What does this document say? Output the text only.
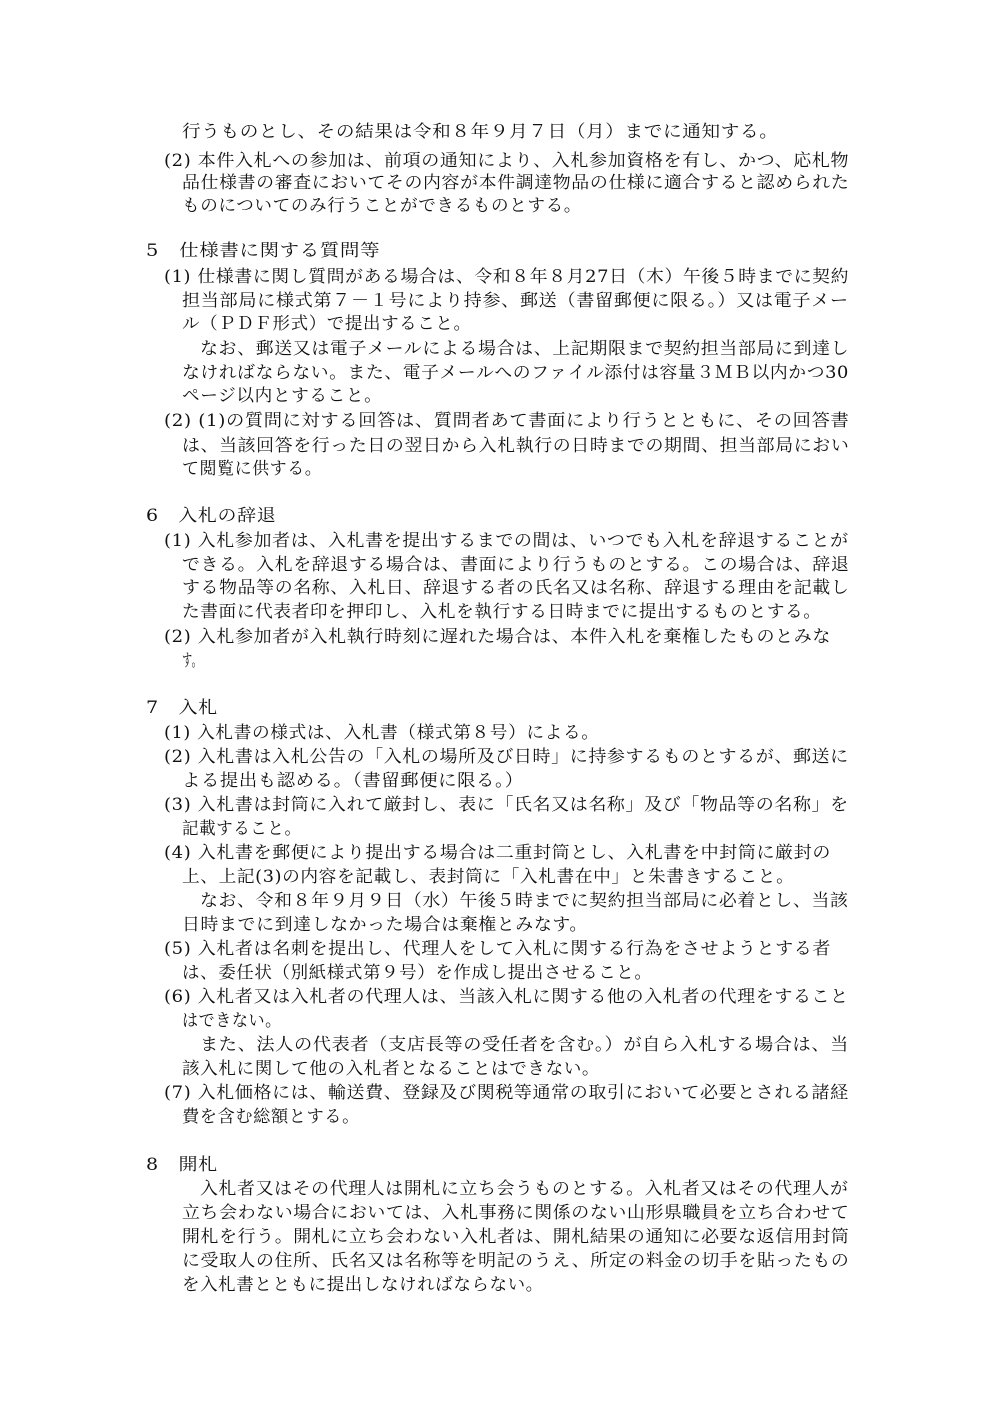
行うものとし、その結果は令和８年９月７日（月）までに通知する。
(2) 本件入札への参加は、前項の通知により、入札参加資格を有し、かつ、応札物
品仕様書の審査においてその内容が本件調達物品の仕様に適合すると認められた
ものについてのみ行うことができるものとする。
5　仕様書に関する質問等
(1) 仕様書に関し質問がある場合は、令和８年８月27日（木）午後５時までに契約
担当部局に様式第７－１号により持参、郵送（書留郵便に限る。）又は電子メー
ル（ＰＤＦ形式）で提出すること。
なお、郵送又は電子メールによる場合は、上記期限まで契約担当部局に到達し
なければならない。また、電子メールへのファイル添付は容量３ＭＢ以内かつ30
ページ以内とすること。
(2) (1)の質問に対する回答は、質問者あて書面により行うとともに、その回答書
は、当該回答を行った日の翌日から入札執行の日時までの期間、担当部局におい
て閲覧に供する。
6　入札の辞退
(1) 入札参加者は、入札書を提出するまでの間は、いつでも入札を辞退することが
できる。入札を辞退する場合は、書面により行うものとする。この場合は、辞退
する物品等の名称、入札日、辞退する者の氏名又は名称、辞退する理由を記載し
た書面に代表者印を押印し、入札を執行する日時までに提出するものとする。
(2) 入札参加者が入札執行時刻に遅れた場合は、本件入札を棄権したものとみな
す。
7　入札
(1) 入札書の様式は、入札書（様式第８号）による。
(2) 入札書は入札公告の「入札の場所及び日時」に持参するものとするが、郵送に
よる提出も認める。（書留郵便に限る。）
(3) 入札書は封筒に入れて厳封し、表に「氏名又は名称」及び「物品等の名称」を
記載すること。
(4) 入札書を郵便により提出する場合は二重封筒とし、入札書を中封筒に厳封の
上、上記(3)の内容を記載し、表封筒に「入札書在中」と朱書きすること。
なお、令和８年９月９日（水）午後５時までに契約担当部局に必着とし、当該
日時までに到達しなかった場合は棄権とみなす。
(5) 入札者は名刺を提出し、代理人をして入札に関する行為をさせようとする者
は、委任状（別紙様式第９号）を作成し提出させること。
(6) 入札者又は入札者の代理人は、当該入札に関する他の入札者の代理をすること
はできない。
また、法人の代表者（支店長等の受任者を含む。）が自ら入札する場合は、当
該入札に関して他の入札者となることはできない。
(7) 入札価格には、輸送費、登録及び関税等通常の取引において必要とされる諸経
費を含む総額とする。
8　開札
入札者又はその代理人は開札に立ち会うものとする。入札者又はその代理人が
立ち会わない場合においては、入札事務に関係のない山形県職員を立ち合わせて
開札を行う。開札に立ち会わない入札者は、開札結果の通知に必要な返信用封筒
に受取人の住所、氏名又は名称等を明記のうえ、所定の料金の切手を貼ったもの
を入札書とともに提出しなければならない。
